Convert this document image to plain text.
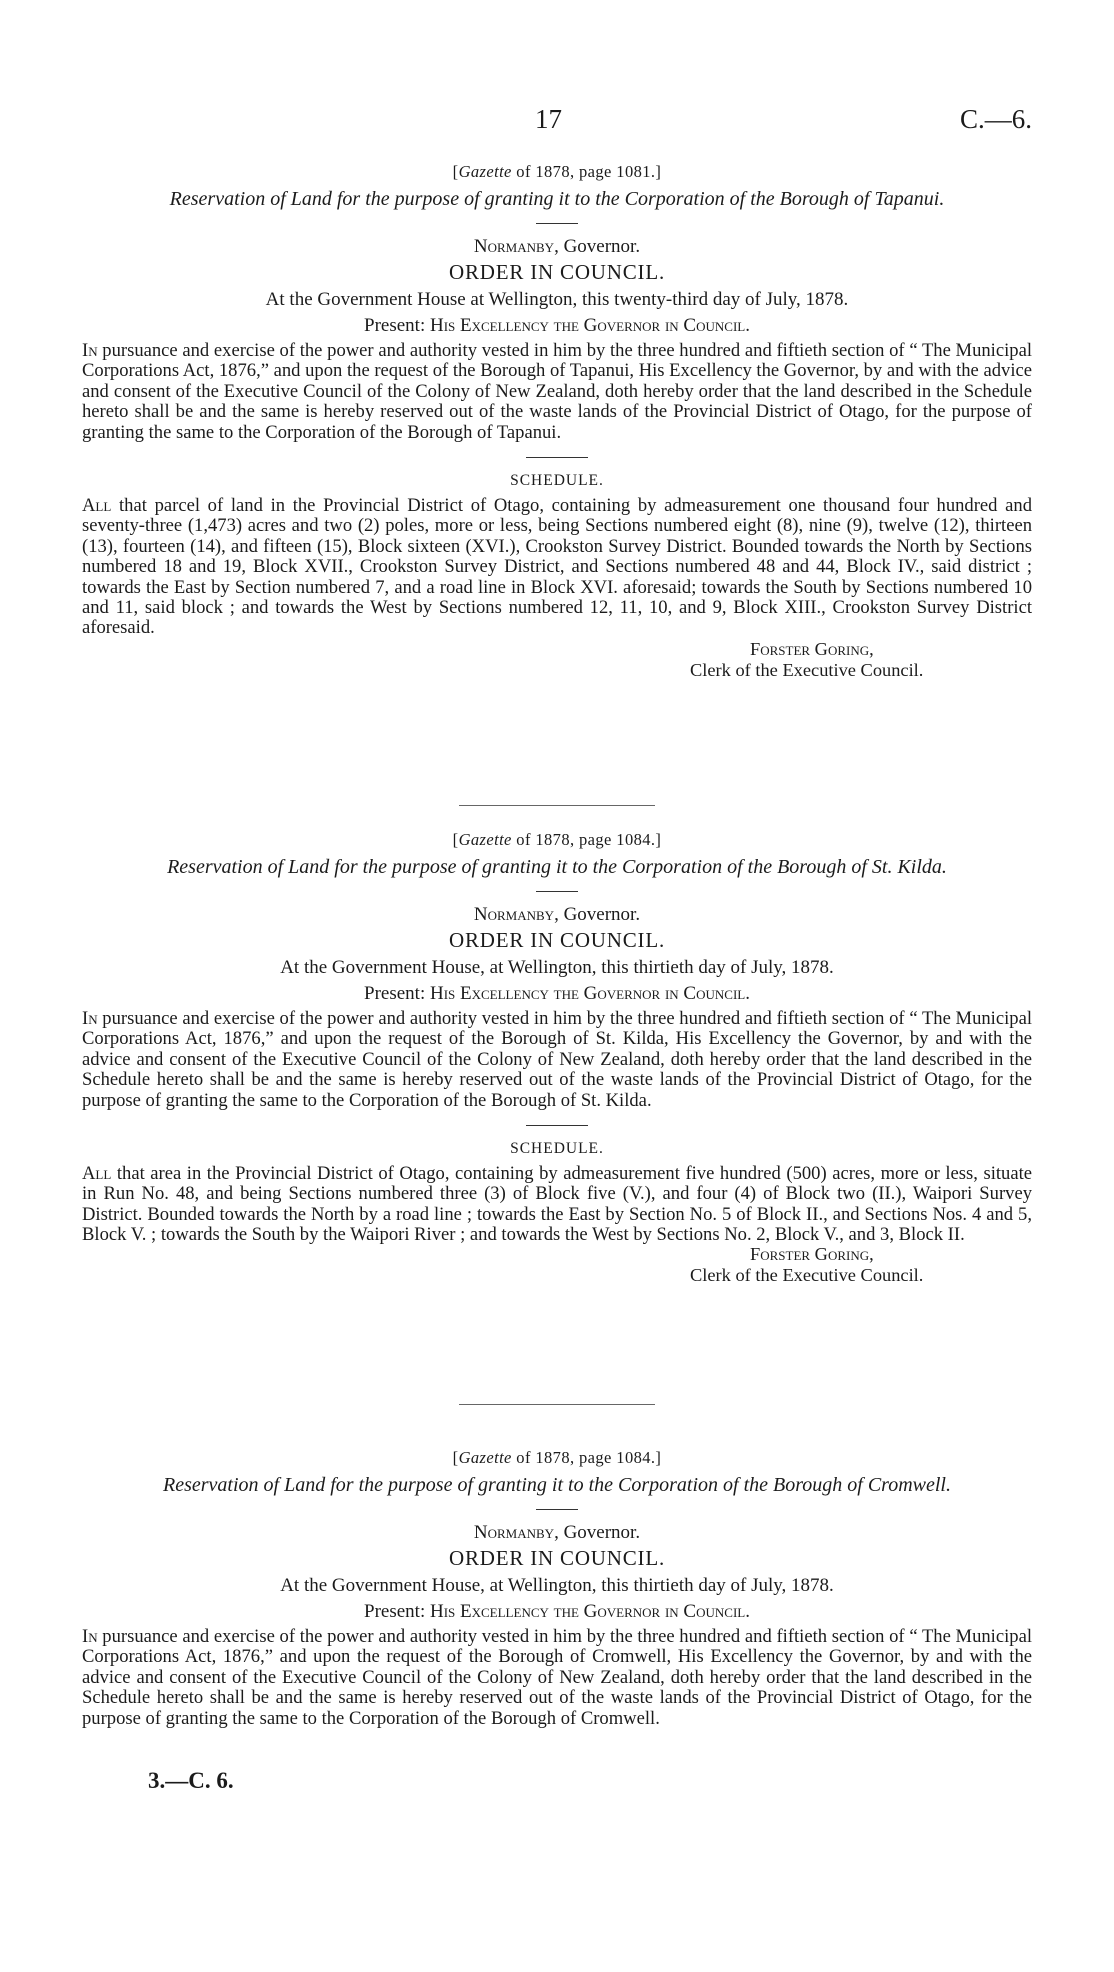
17	C.—6.

[Gazette of 1878, page 1081.]

Reservation of Land for the purpose of granting it to the Corporation of the Borough of Tapanui.

Normanby, Governor.

ORDER IN COUNCIL.

At the Government House at Wellington, this twenty-third day of July, 1878.

Present: His Excellency the Governor in Council.

In pursuance and exercise of the power and authority vested in him by the three hundred and fiftieth section of “ The Municipal Corporations Act, 1876,” and upon the request of the Borough of Tapanui, His Excellency the Governor, by and with the advice and consent of the Executive Council of the Colony of New Zealand, doth hereby order that the land described in the Schedule hereto shall be and the same is hereby reserved out of the waste lands of the Provincial District of Otago, for the purpose of granting the same to the Corporation of the Borough of Tapanui.

SCHEDULE.

All that parcel of land in the Provincial District of Otago, containing by admeasurement one thousand four hundred and seventy-three (1,473) acres and two (2) poles, more or less, being Sections numbered eight (8), nine (9), twelve (12), thirteen (13), fourteen (14), and fifteen (15), Block sixteen (XVI.), Crookston Survey District. Bounded towards the North by Sections numbered 18 and 19, Block XVII., Crookston Survey District, and Sections numbered 48 and 44, Block IV., said district ; towards the East by Section numbered 7, and a road line in Block XVI. aforesaid; towards the South by Sections numbered 10 and 11, said block ; and towards the West by Sections numbered 12, 11, 10, and 9, Block XIII., Crookston Survey District aforesaid.

Forster Goring,
Clerk of the Executive Council.

[Gazette of 1878, page 1084.]

Reservation of Land for the purpose of granting it to the Corporation of the Borough of St. Kilda.

Normanby, Governor.

ORDER IN COUNCIL.

At the Government House, at Wellington, this thirtieth day of July, 1878.

Present: His Excellency the Governor in Council.

In pursuance and exercise of the power and authority vested in him by the three hundred and fiftieth section of “ The Municipal Corporations Act, 1876,” and upon the request of the Borough of St. Kilda, His Excellency the Governor, by and with the advice and consent of the Executive Council of the Colony of New Zealand, doth hereby order that the land described in the Schedule hereto shall be and the same is hereby reserved out of the waste lands of the Provincial District of Otago, for the purpose of granting the same to the Corporation of the Borough of St. Kilda.

SCHEDULE.

All that area in the Provincial District of Otago, containing by admeasurement five hundred (500) acres, more or less, situate in Run No. 48, and being Sections numbered three (3) of Block five (V.), and four (4) of Block two (II.), Waipori Survey District. Bounded towards the North by a road line ; towards the East by Section No. 5 of Block II., and Sections Nos. 4 and 5, Block V. ; towards the South by the Waipori River ; and towards the West by Sections No. 2, Block V., and 3, Block II.

Forster Goring,
Clerk of the Executive Council.

[Gazette of 1878, page 1084.]

Reservation of Land for the purpose of granting it to the Corporation of the Borough of Cromwell.

Normanby, Governor.

ORDER IN COUNCIL.

At the Government House, at Wellington, this thirtieth day of July, 1878.

Present: His Excellency the Governor in Council.

In pursuance and exercise of the power and authority vested in him by the three hundred and fiftieth section of “ The Municipal Corporations Act, 1876,” and upon the request of the Borough of Cromwell, His Excellency the Governor, by and with the advice and consent of the Executive Council of the Colony of New Zealand, doth hereby order that the land described in the Schedule hereto shall be and the same is hereby reserved out of the waste lands of the Provincial District of Otago, for the purpose of granting the same to the Corporation of the Borough of Cromwell.

3.—C. 6.
